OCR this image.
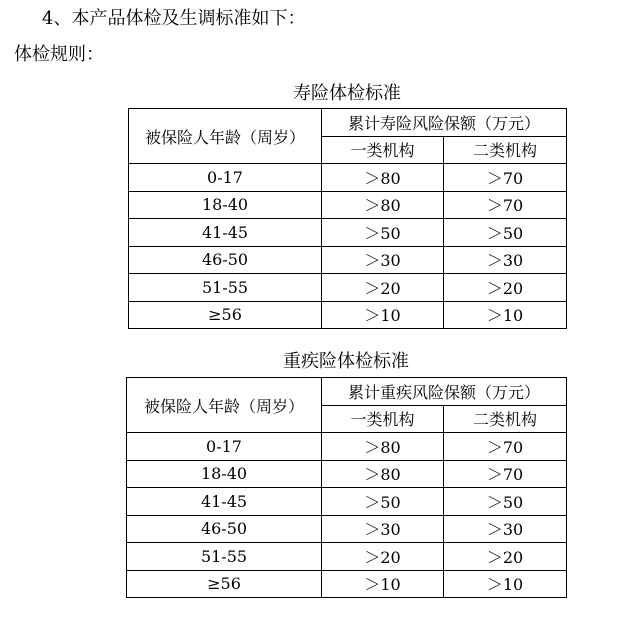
4、本产品体检及生调标准如下：
体检规则：
寿险体检标准
被保险人年龄（周岁）	累计寿险风险保额（万元）	
	一类机构	二类机构
0-17	＞80	＞70
18-40	＞80	＞70
41-45	＞50	＞50
46-50	＞30	＞30
51-55	＞20	＞20
≥56	＞10	＞10
重疾险体检标准
被保险人年龄（周岁）	累计重疾风险保额（万元）	
	一类机构	二类机构
0-17	＞80	＞70
18-40	＞80	＞70
41-45	＞50	＞50
46-50	＞30	＞30
51-55	＞20	＞20
≥56	＞10	＞10
